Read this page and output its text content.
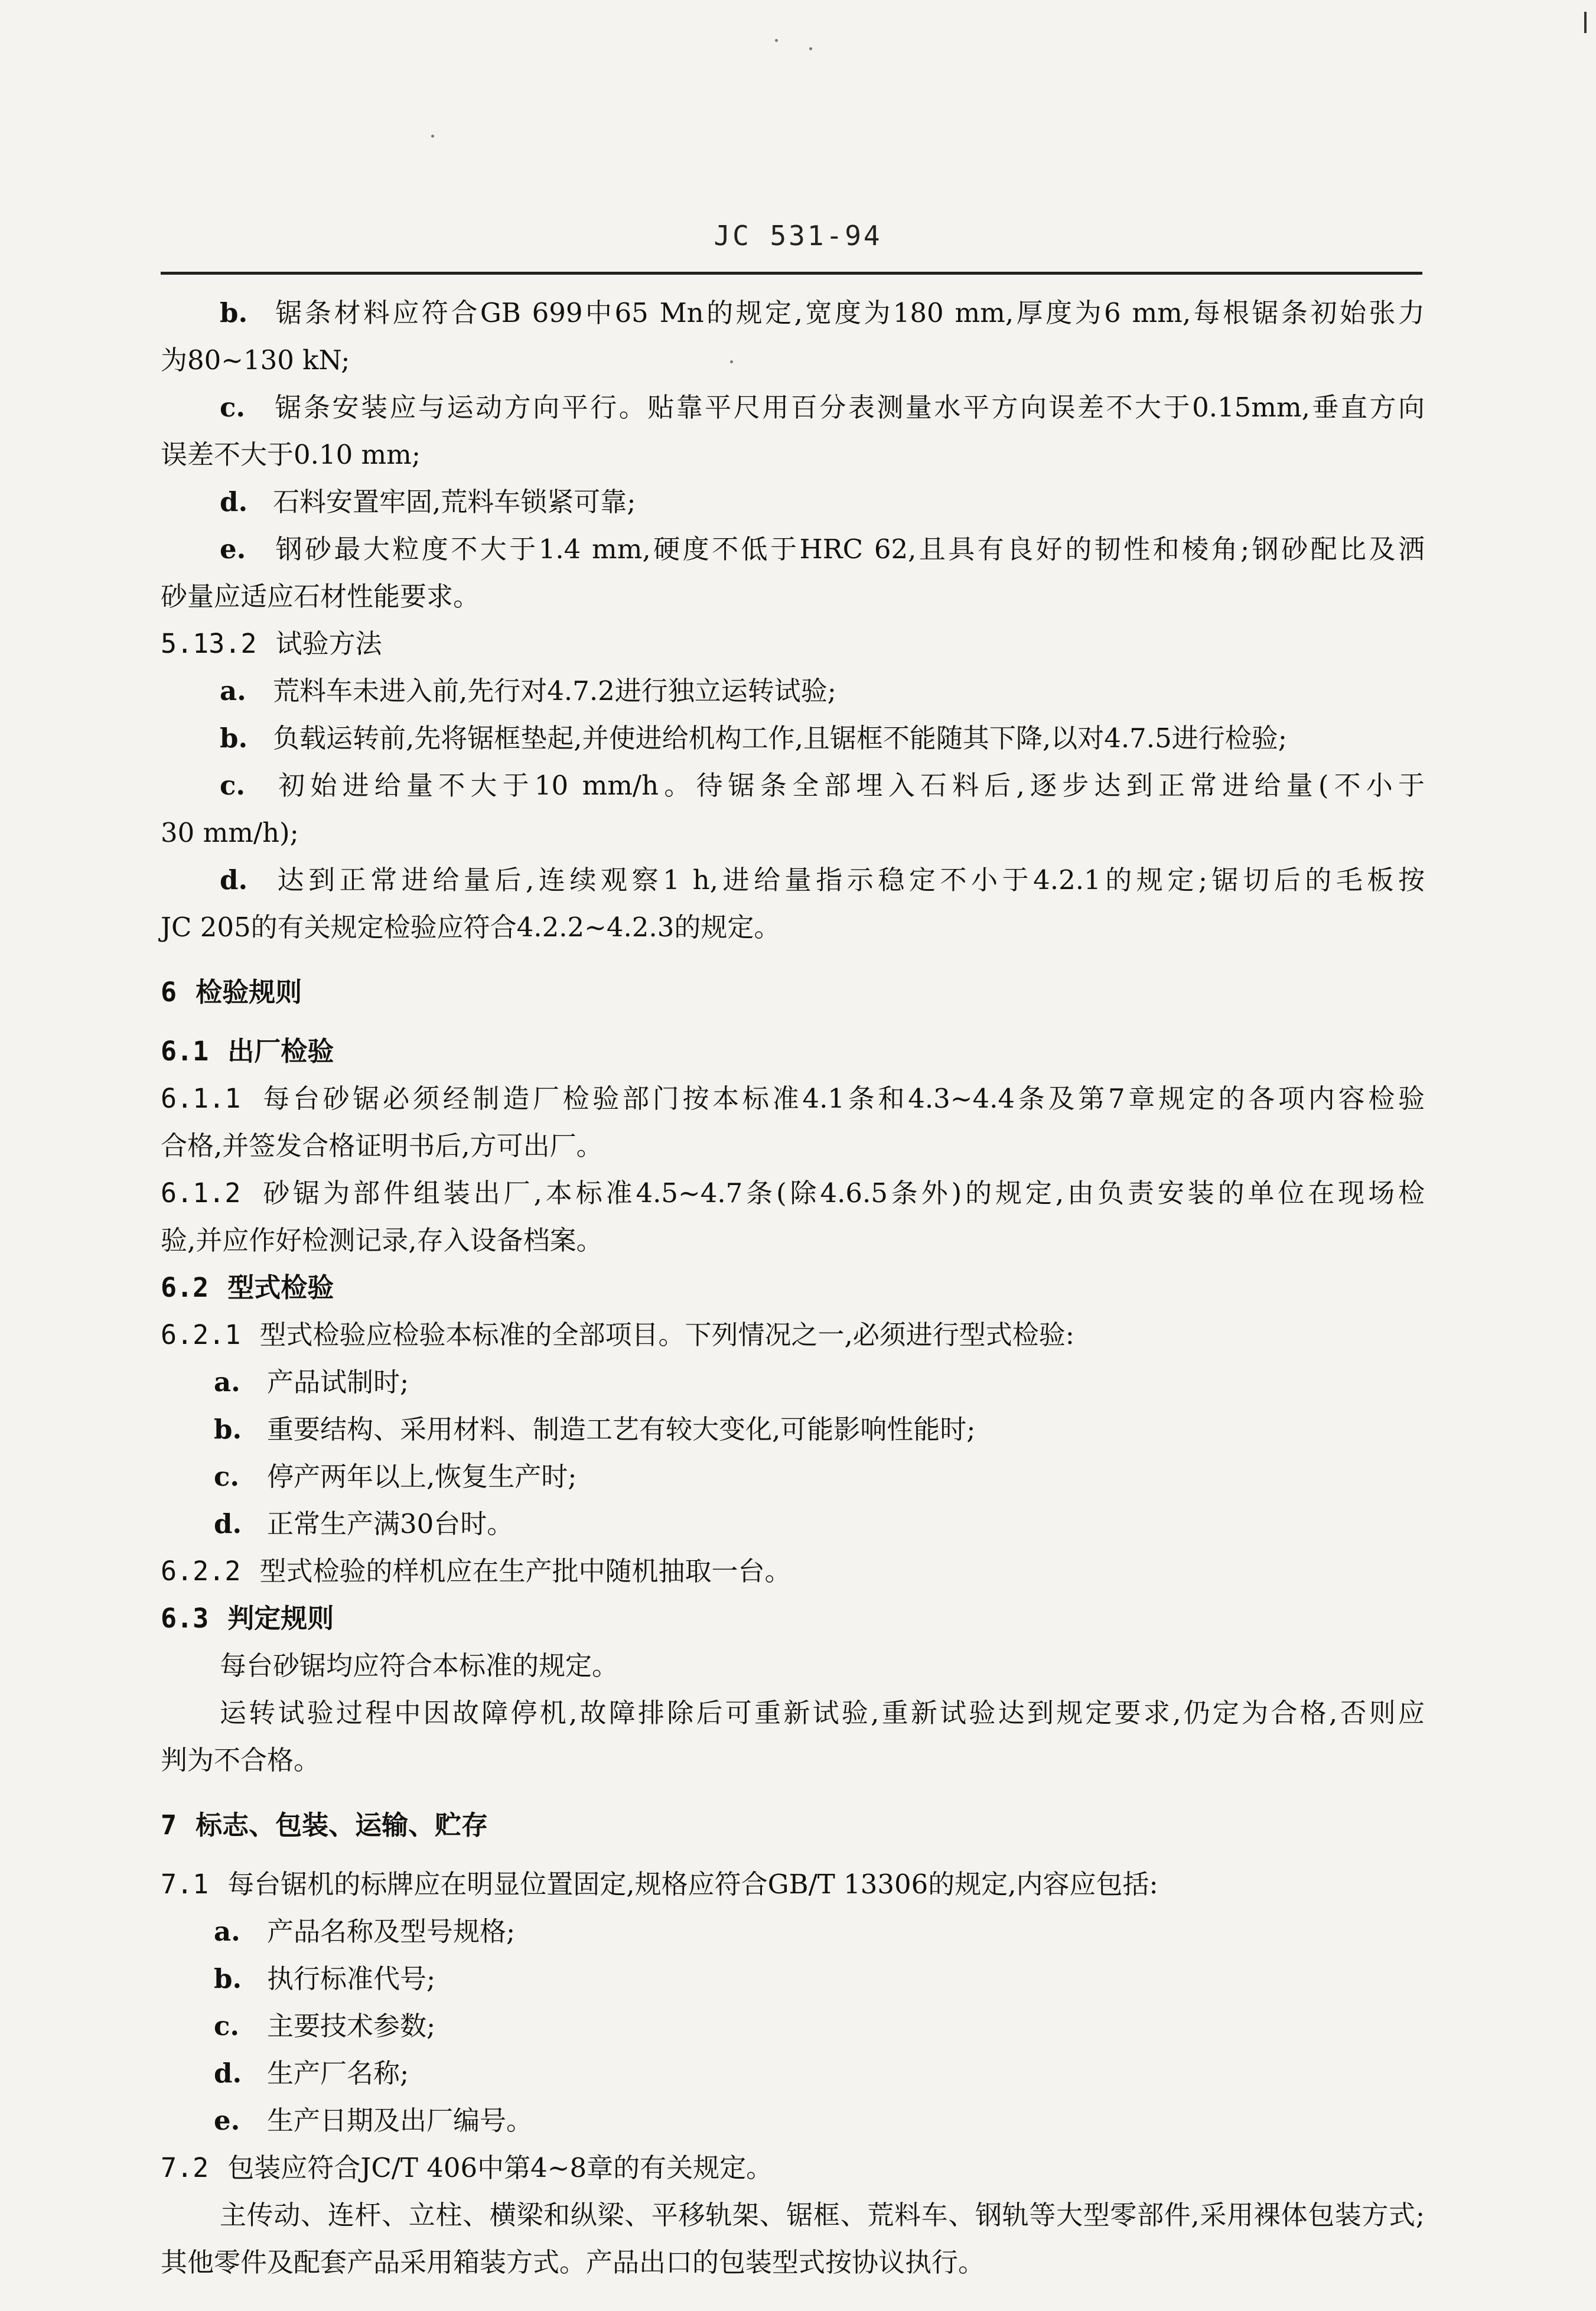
JC 531-94

b. 锯条材料应符合GB 699中65 Mn的规定,宽度为180 mm,厚度为6 mm,每根锯条初始张力

为80~130 kN;

c. 锯条安装应与运动方向平行。贴靠平尺用百分表测量水平方向误差不大于0.15mm,垂直方向

误差不大于0.10 mm;

d. 石料安置牢固,荒料车锁紧可靠;

e. 钢砂最大粒度不大于1.4 mm,硬度不低于HRC 62,且具有良好的韧性和棱角;钢砂配比及洒

砂量应适应石材性能要求。

5.13.2 试验方法

a. 荒料车未进入前,先行对4.7.2进行独立运转试验;

b. 负载运转前,先将锯框垫起,并使进给机构工作,且锯框不能随其下降,以对4.7.5进行检验;

c. 初始进给量不大于10 mm/h。待锯条全部埋入石料后,逐步达到正常进给量(不小于

30 mm/h);

d. 达到正常进给量后,连续观察1 h,进给量指示稳定不小于4.2.1的规定;锯切后的毛板按

JC 205的有关规定检验应符合4.2.2~4.2.3的规定。

6 检验规则

6.1 出厂检验

6.1.1 每台砂锯必须经制造厂检验部门按本标准4.1条和4.3~4.4条及第7章规定的各项内容检验

合格,并签发合格证明书后,方可出厂。

6.1.2 砂锯为部件组装出厂,本标准4.5~4.7条(除4.6.5条外)的规定,由负责安装的单位在现场检

验,并应作好检测记录,存入设备档案。

6.2 型式检验

6.2.1 型式检验应检验本标准的全部项目。下列情况之一,必须进行型式检验:

a. 产品试制时;

b. 重要结构、采用材料、制造工艺有较大变化,可能影响性能时;

c. 停产两年以上,恢复生产时;

d. 正常生产满30台时。

6.2.2 型式检验的样机应在生产批中随机抽取一台。

6.3 判定规则

每台砂锯均应符合本标准的规定。

运转试验过程中因故障停机,故障排除后可重新试验,重新试验达到规定要求,仍定为合格,否则应

判为不合格。

7 标志、包装、运输、贮存

7.1 每台锯机的标牌应在明显位置固定,规格应符合GB/T 13306的规定,内容应包括:

a. 产品名称及型号规格;

b. 执行标准代号;

c. 主要技术参数;

d. 生产厂名称;

e. 生产日期及出厂编号。

7.2 包装应符合JC/T 406中第4~8章的有关规定。

主传动、连杆、立柱、横梁和纵梁、平移轨架、锯框、荒料车、钢轨等大型零部件,采用裸体包装方式;

其他零件及配套产品采用箱装方式。产品出口的包装型式按协议执行。
